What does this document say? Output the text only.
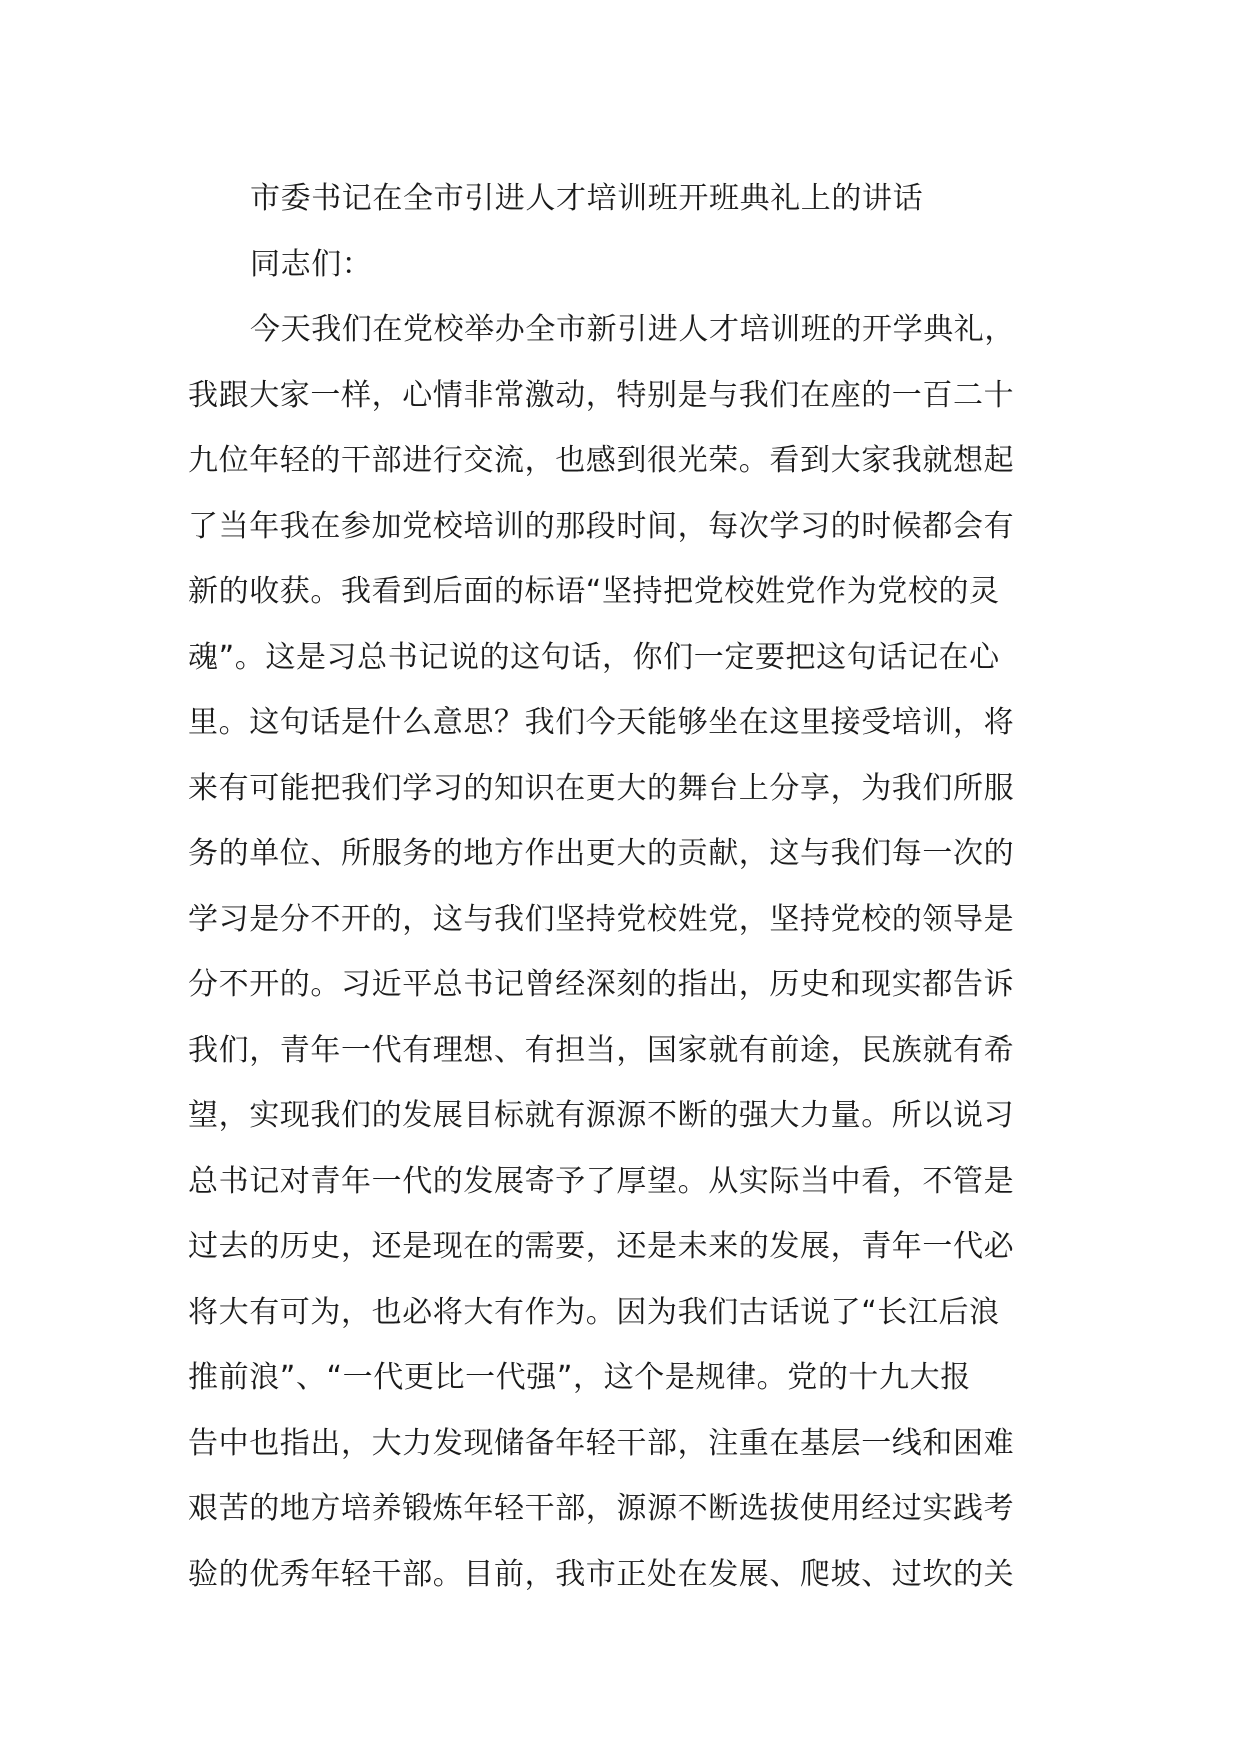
市委书记在全市引进人才培训班开班典礼上的讲话
同志们：
今天我们在党校举办全市新引进人才培训班的开学典礼，
我跟大家一样，心情非常激动，特别是与我们在座的一百二十
九位年轻的干部进行交流，也感到很光荣。看到大家我就想起
了当年我在参加党校培训的那段时间，每次学习的时候都会有
新的收获。我看到后面的标语“坚持把党校姓党作为党校的灵
魂”。这是习总书记说的这句话，你们一定要把这句话记在心
里。这句话是什么意思？我们今天能够坐在这里接受培训，将
来有可能把我们学习的知识在更大的舞台上分享，为我们所服
务的单位、所服务的地方作出更大的贡献，这与我们每一次的
学习是分不开的，这与我们坚持党校姓党，坚持党校的领导是
分不开的。习近平总书记曾经深刻的指出，历史和现实都告诉
我们，青年一代有理想、有担当，国家就有前途，民族就有希
望，实现我们的发展目标就有源源不断的强大力量。所以说习
总书记对青年一代的发展寄予了厚望。从实际当中看，不管是
过去的历史，还是现在的需要，还是未来的发展，青年一代必
将大有可为，也必将大有作为。因为我们古话说了“长江后浪
推前浪”、“一代更比一代强”，这个是规律。党的十九大报
告中也指出，大力发现储备年轻干部，注重在基层一线和困难
艰苦的地方培养锻炼年轻干部，源源不断选拔使用经过实践考
验的优秀年轻干部。目前，我市正处在发展、爬坡、过坎的关
